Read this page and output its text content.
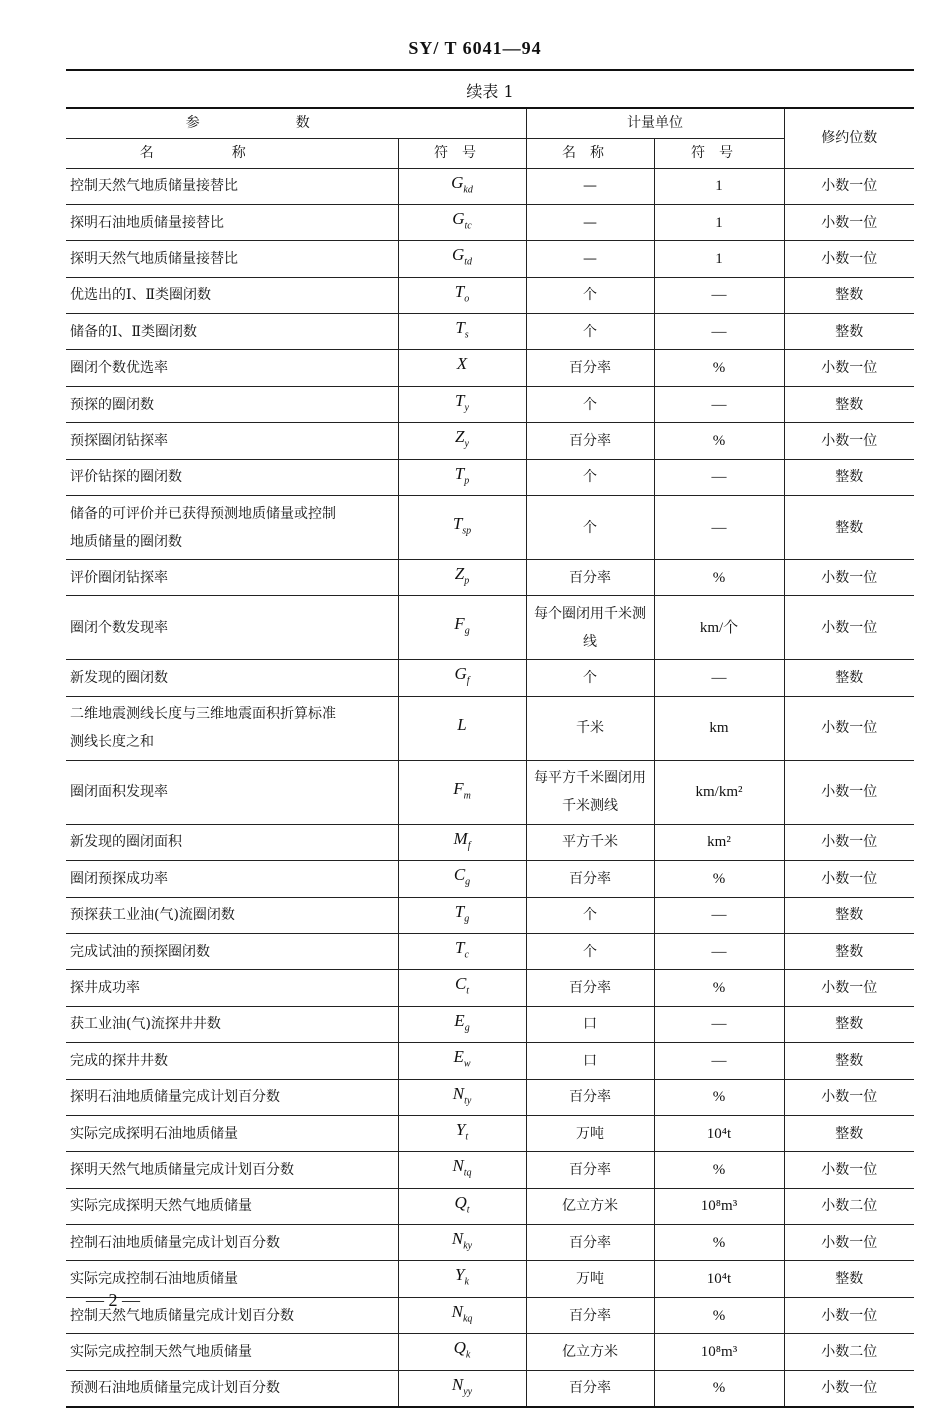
SY/ T 6041—94
续表 1
参数		计量单位		修约位数
名称	符号	名称	符号	
控制天然气地质储量接替比	$G_{kd}$	—	1	小数一位
探明石油地质储量接替比	$G_{tc}$	—	1	小数一位
探明天然气地质储量接替比	$G_{td}$	—	1	小数一位
优选出的Ⅰ、Ⅱ类圈闭数	$T_o$	个	—	整数
储备的Ⅰ、Ⅱ类圈闭数	$T_s$	个	—	整数
圈闭个数优选率	X	百分率	%	小数一位
预探的圈闭数	$T_y$	个	—	整数
预探圈闭钻探率	$Z_y$	百分率	%	小数一位
评价钻探的圈闭数	$T_p$	个	—	整数
储备的可评价并已获得预测地质储量或控制地质储量的圈闭数	$T_{sp}$	个	—	整数
评价圈闭钻探率	$Z_p$	百分率	%	小数一位
圈闭个数发现率	$F_g$	每个圈闭用千米测线	km/个	小数一位
新发现的圈闭数	$G_f$	个	—	整数
二维地震测线长度与三维地震面积折算标准测线长度之和	L	千米	km	小数一位
圈闭面积发现率	$F_m$	每平方千米圈闭用千米测线	km/km²	小数一位
新发现的圈闭面积	$M_f$	平方千米	km²	小数一位
圈闭预探成功率	$C_g$	百分率	%	小数一位
预探获工业油(气)流圈闭数	$T_g$	个	—	整数
完成试油的预探圈闭数	$T_c$	个	—	整数
探井成功率	$C_t$	百分率	%	小数一位
获工业油(气)流探井井数	$E_g$	口	—	整数
完成的探井井数	$E_w$	口	—	整数
探明石油地质储量完成计划百分数	$N_{ty}$	百分率	%	小数一位
实际完成探明石油地质储量	$Y_t$	万吨	10⁴t	整数
探明天然气地质储量完成计划百分数	$N_{tq}$	百分率	%	小数一位
实际完成探明天然气地质储量	$Q_t$	亿立方米	10⁸m³	小数二位
控制石油地质储量完成计划百分数	$N_{ky}$	百分率	%	小数一位
实际完成控制石油地质储量	$Y_k$	万吨	10⁴t	整数
控制天然气地质储量完成计划百分数	$N_{kq}$	百分率	%	小数一位
实际完成控制天然气地质储量	$Q_k$	亿立方米	10⁸m³	小数二位
预测石油地质储量完成计划百分数	$N_{yy}$	百分率	%	小数一位
— 2 —
